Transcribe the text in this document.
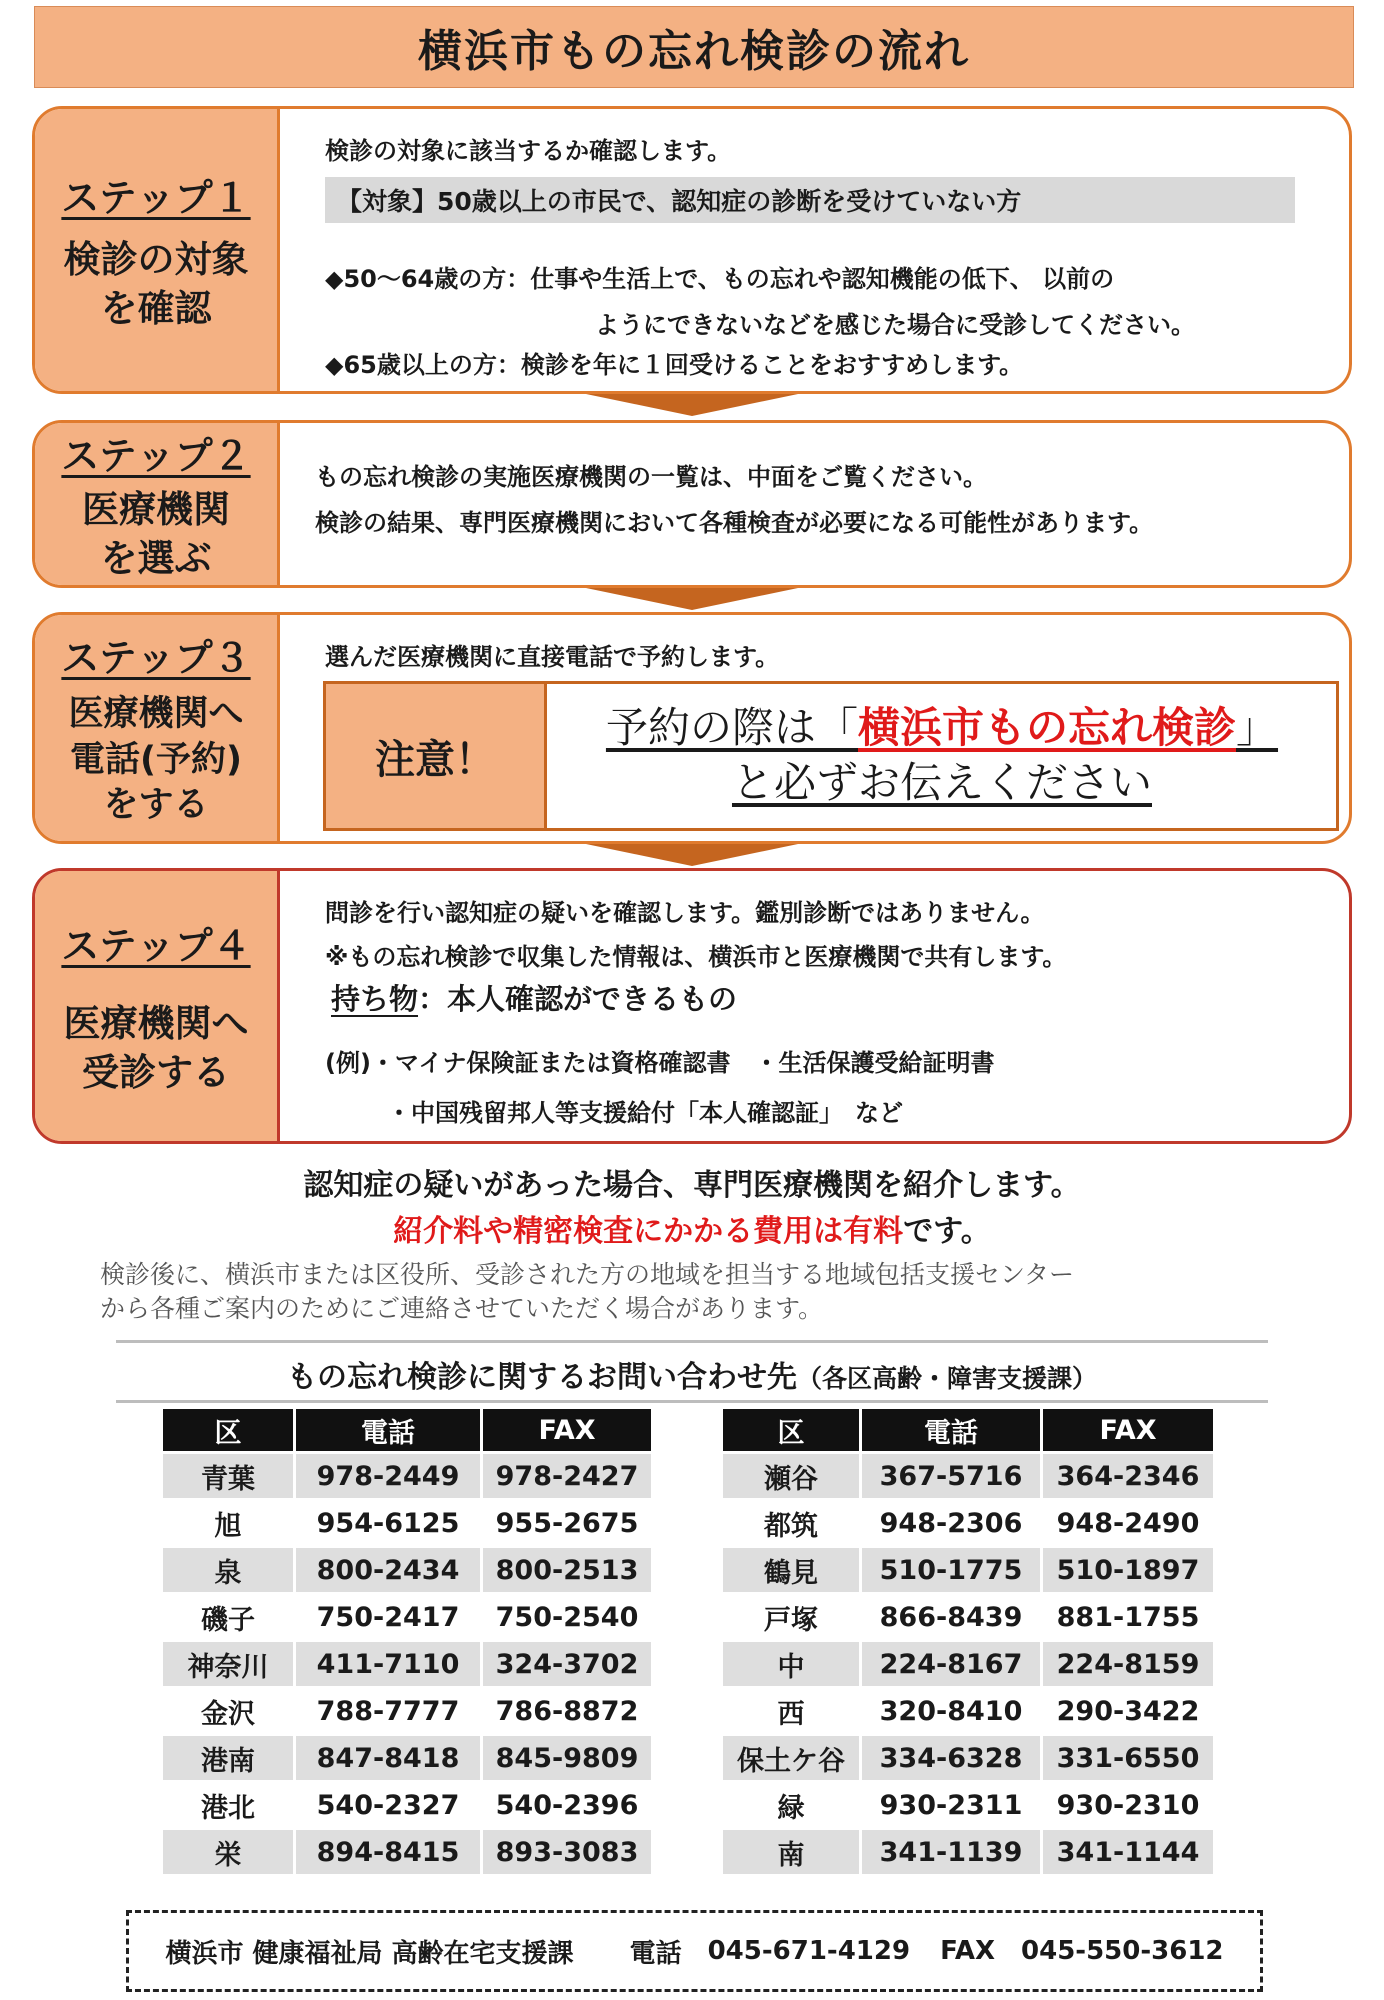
横浜市もの忘れ検診の流れ
ステップ１
検診の対象
を確認
検診の対象に該当するか確認します。
【対象】50歳以上の市民で、認知症の診断を受けていない方
◆50～64歳の方：仕事や生活上で、もの忘れや認知機能の低下、 以前の
ようにできないなどを感じた場合に受診してください。
◆65歳以上の方：検診を年に１回受けることをおすすめします。
ステップ２
医療機関
を選ぶ
もの忘れ検診の実施医療機関の一覧は、中面をご覧ください。
検診の結果、専門医療機関において各種検査が必要になる可能性があります。
ステップ３
医療機関へ
電話(予約)
をする
選んだ医療機関に直接電話で予約します。
注意！
予約の際は「横浜市もの忘れ検診」
と必ずお伝えください
ステップ４
医療機関へ
受診する
問診を行い認知症の疑いを確認します。鑑別診断ではありません。
※もの忘れ検診で収集した情報は、横浜市と医療機関で共有します。
持ち物：本人確認ができるもの
(例)・マイナ保険証または資格確認書　・生活保護受給証明書
・中国残留邦人等支援給付「本人確認証」　など
認知症の疑いがあった場合、専門医療機関を紹介します。
紹介料や精密検査にかかる費用は有料です。
検診後に、横浜市または区役所、受診された方の地域を担当する地域包括支援センター
から各種ご案内のためにご連絡させていただく場合があります。
もの忘れ検診に関するお問い合わせ先（各区高齢・障害支援課）
区	電話	FAX
青葉	978-2449	978-2427
旭	954-6125	955-2675
泉	800-2434	800-2513
磯子	750-2417	750-2540
神奈川	411-7110	324-3702
金沢	788-7777	786-8872
港南	847-8418	845-9809
港北	540-2327	540-2396
栄	894-8415	893-3083
区	電話	FAX
瀬谷	367-5716	364-2346
都筑	948-2306	948-2490
鶴見	510-1775	510-1897
戸塚	866-8439	881-1755
中	224-8167	224-8159
西	320-8410	290-3422
保土ケ谷	334-6328	331-6550
緑	930-2311	930-2310
南	341-1139	341-1144
横浜市 健康福祉局 高齢在宅支援課 電話 045-671-4129 FAX 045-550-3612
